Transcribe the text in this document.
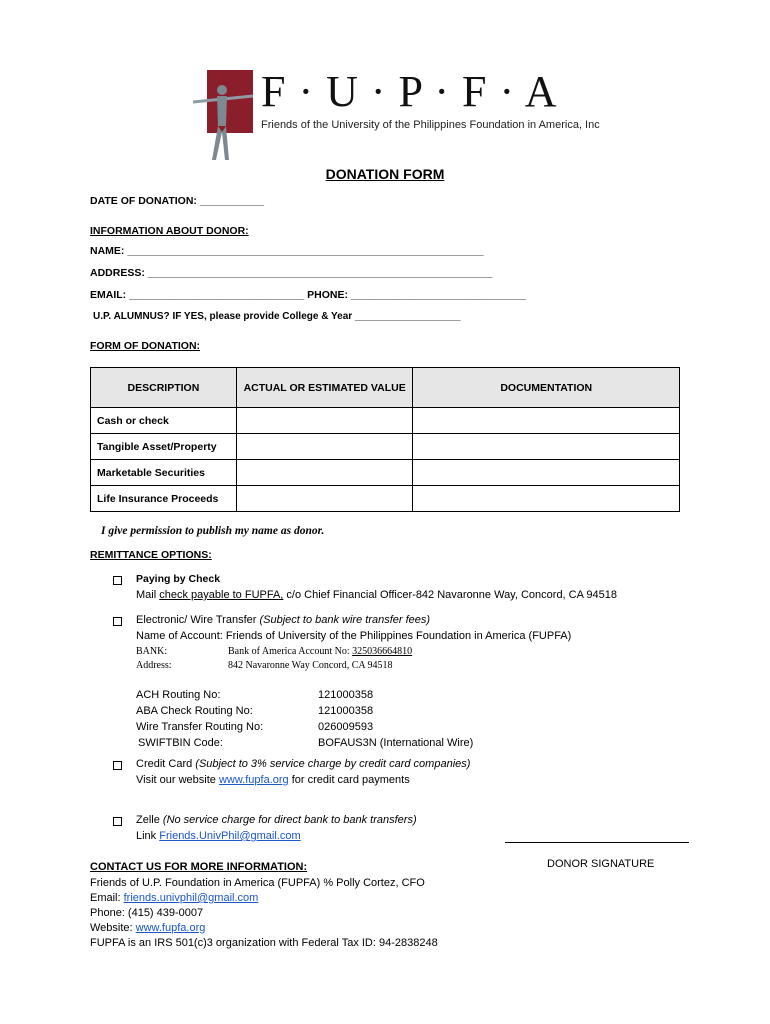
F · U · P · F · A
Friends of the University of the Philippines Foundation in America, Inc
DONATION FORM
DATE OF DONATION: ___________
INFORMATION ABOUT DONOR:
NAME: _____________________________________________________________
ADDRESS: ___________________________________________________________
EMAIL: ______________________________ PHONE: ______________________________
U.P. ALUMNUS? IF YES, please provide College & Year ___________________
FORM OF DONATION:
DESCRIPTION	ACTUAL OR ESTIMATED VALUE	DOCUMENTATION
Cash or check		
Tangible Asset/Property		
Marketable Securities		
Life Insurance Proceeds		
I give permission to publish my name as donor.
REMITTANCE OPTIONS:
Paying by Check
Mail check payable to FUPFA, c/o Chief Financial Officer-842 Navaronne Way, Concord, CA 94518
Electronic/ Wire Transfer (Subject to bank wire transfer fees)
Name of Account: Friends of University of the Philippines Foundation in America (FUPFA)
BANK:	Bank of America Account No: 325036664810
Address:	842 Navaronne Way Concord, CA 94518
ACH Routing No:	121000358
ABA Check Routing No:	121000358
Wire Transfer Routing No:	026009593
SWIFTBIN Code:	BOFAUS3N (International Wire)
Credit Card (Subject to 3% service charge by credit card companies)
Visit our website www.fupfa.org for credit card payments
Zelle (No service charge for direct bank to bank transfers)
Link Friends.UnivPhil@gmail.com
DONOR SIGNATURE
CONTACT US FOR MORE INFORMATION:
Friends of U.P. Foundation in America (FUPFA) % Polly Cortez, CFO
Email: friends.univphil@gmail.com
Phone: (415) 439-0007
Website: www.fupfa.org
FUPFA is an IRS 501(c)3 organization with Federal Tax ID: 94-2838248
